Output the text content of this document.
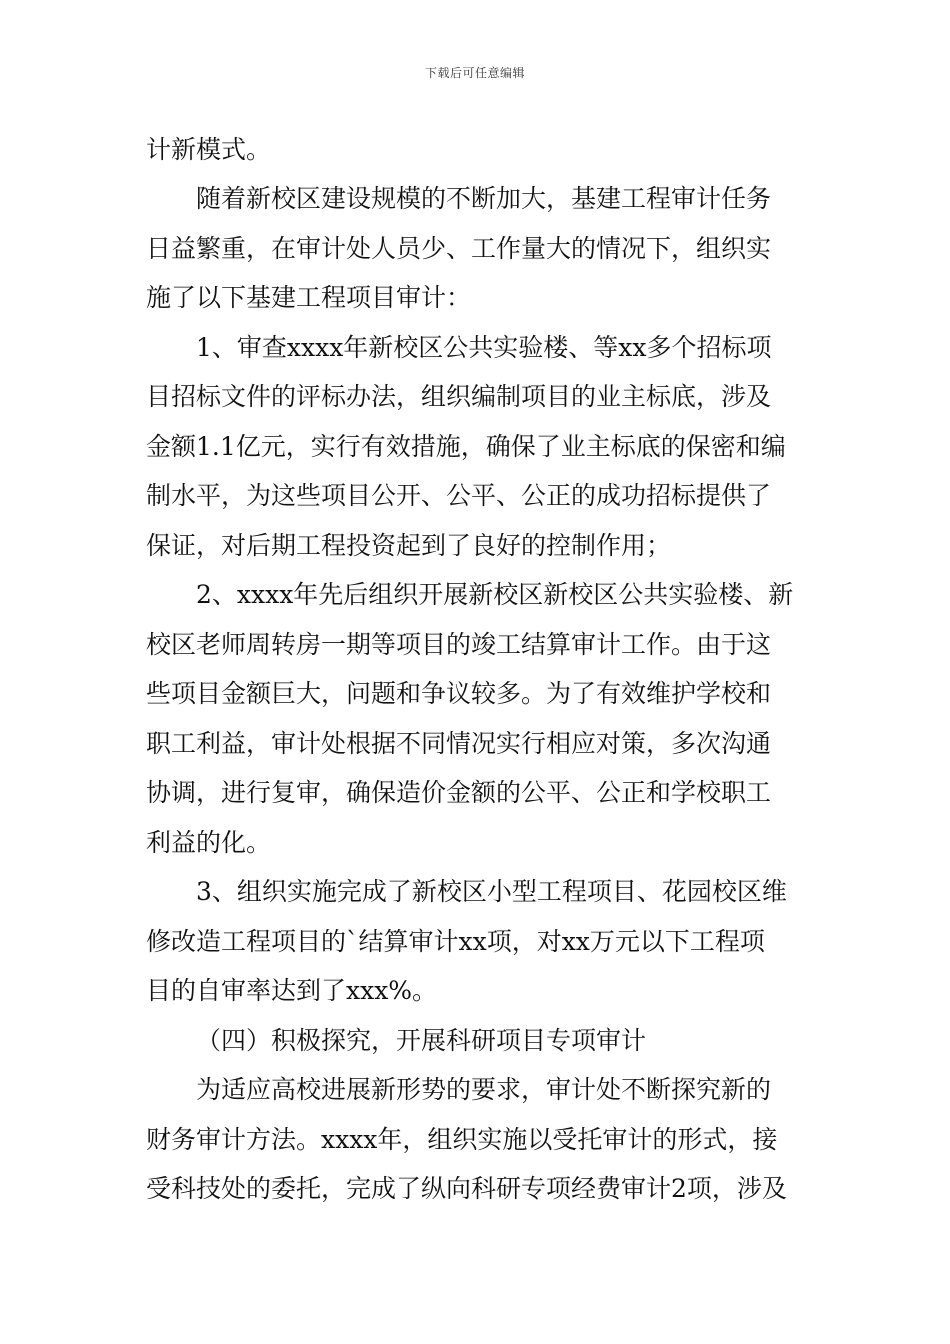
下载后可任意编辑
计新模式。
随着新校区建设规模的不断加大，基建工程审计任务
日益繁重，在审计处人员少、工作量大的情况下，组织实
施了以下基建工程项目审计：
1、审查xxxx年新校区公共实验楼、等xx多个招标项
目招标文件的评标办法，组织编制项目的业主标底，涉及
金额1.1亿元，实行有效措施，确保了业主标底的保密和编
制水平，为这些项目公开、公平、公正的成功招标提供了
保证，对后期工程投资起到了良好的控制作用；
2、xxxx年先后组织开展新校区新校区公共实验楼、新
校区老师周转房一期等项目的竣工结算审计工作。由于这
些项目金额巨大，问题和争议较多。为了有效维护学校和
职工利益，审计处根据不同情况实行相应对策，多次沟通
协调，进行复审，确保造价金额的公平、公正和学校职工
利益的化。
3、组织实施完成了新校区小型工程项目、花园校区维
修改造工程项目的`结算审计xx项，对xx万元以下工程项
目的自审率达到了xxx%。
（四）积极探究，开展科研项目专项审计
为适应高校进展新形势的要求，审计处不断探究新的
财务审计方法。xxxx年，组织实施以受托审计的形式，接
受科技处的委托，完成了纵向科研专项经费审计2项，涉及
